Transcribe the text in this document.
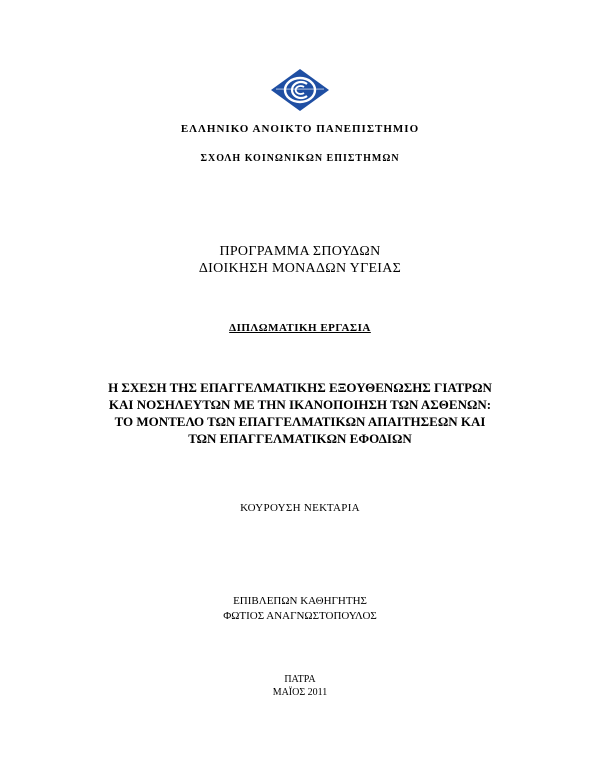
ΕΛΛΗΝΙΚΟ ΑΝΟΙΚΤΟ ΠΑΝΕΠΙΣΤΗΜΙΟ
ΣΧΟΛΗ ΚΟΙΝΩΝΙΚΩΝ ΕΠΙΣΤΗΜΩΝ
ΠΡΟΓΡΑΜΜΑ ΣΠΟΥΔΩΝ
ΔΙΟΙΚΗΣΗ ΜΟΝΑΔΩΝ ΥΓΕΙΑΣ
ΔΙΠΛΩΜΑΤΙΚΗ ΕΡΓΑΣΙΑ
Η ΣΧΕΣΗ ΤΗΣ ΕΠΑΓΓΕΛΜΑΤΙΚΗΣ ΕΞΟΥΘΕΝΩΣΗΣ ΓΙΑΤΡΩΝ
ΚΑΙ ΝΟΣΗΛΕΥΤΩΝ ΜΕ ΤΗΝ ΙΚΑΝΟΠΟΙΗΣΗ ΤΩΝ ΑΣΘΕΝΩΝ:
ΤΟ ΜΟΝΤΕΛΟ ΤΩΝ ΕΠΑΓΓΕΛΜΑΤΙΚΩΝ ΑΠΑΙΤΗΣΕΩΝ ΚΑΙ
ΤΩΝ ΕΠΑΓΓΕΛΜΑΤΙΚΩΝ ΕΦΟΔΙΩΝ
ΚΟΥΡΟΥΣΗ ΝΕΚΤΑΡΙΑ
ΕΠΙΒΛΕΠΩΝ ΚΑΘΗΓΗΤΗΣ
ΦΩΤΙΟΣ ΑΝΑΓΝΩΣΤΟΠΟΥΛΟΣ
ΠΑΤΡΑ
ΜΑΪΟΣ 2011
